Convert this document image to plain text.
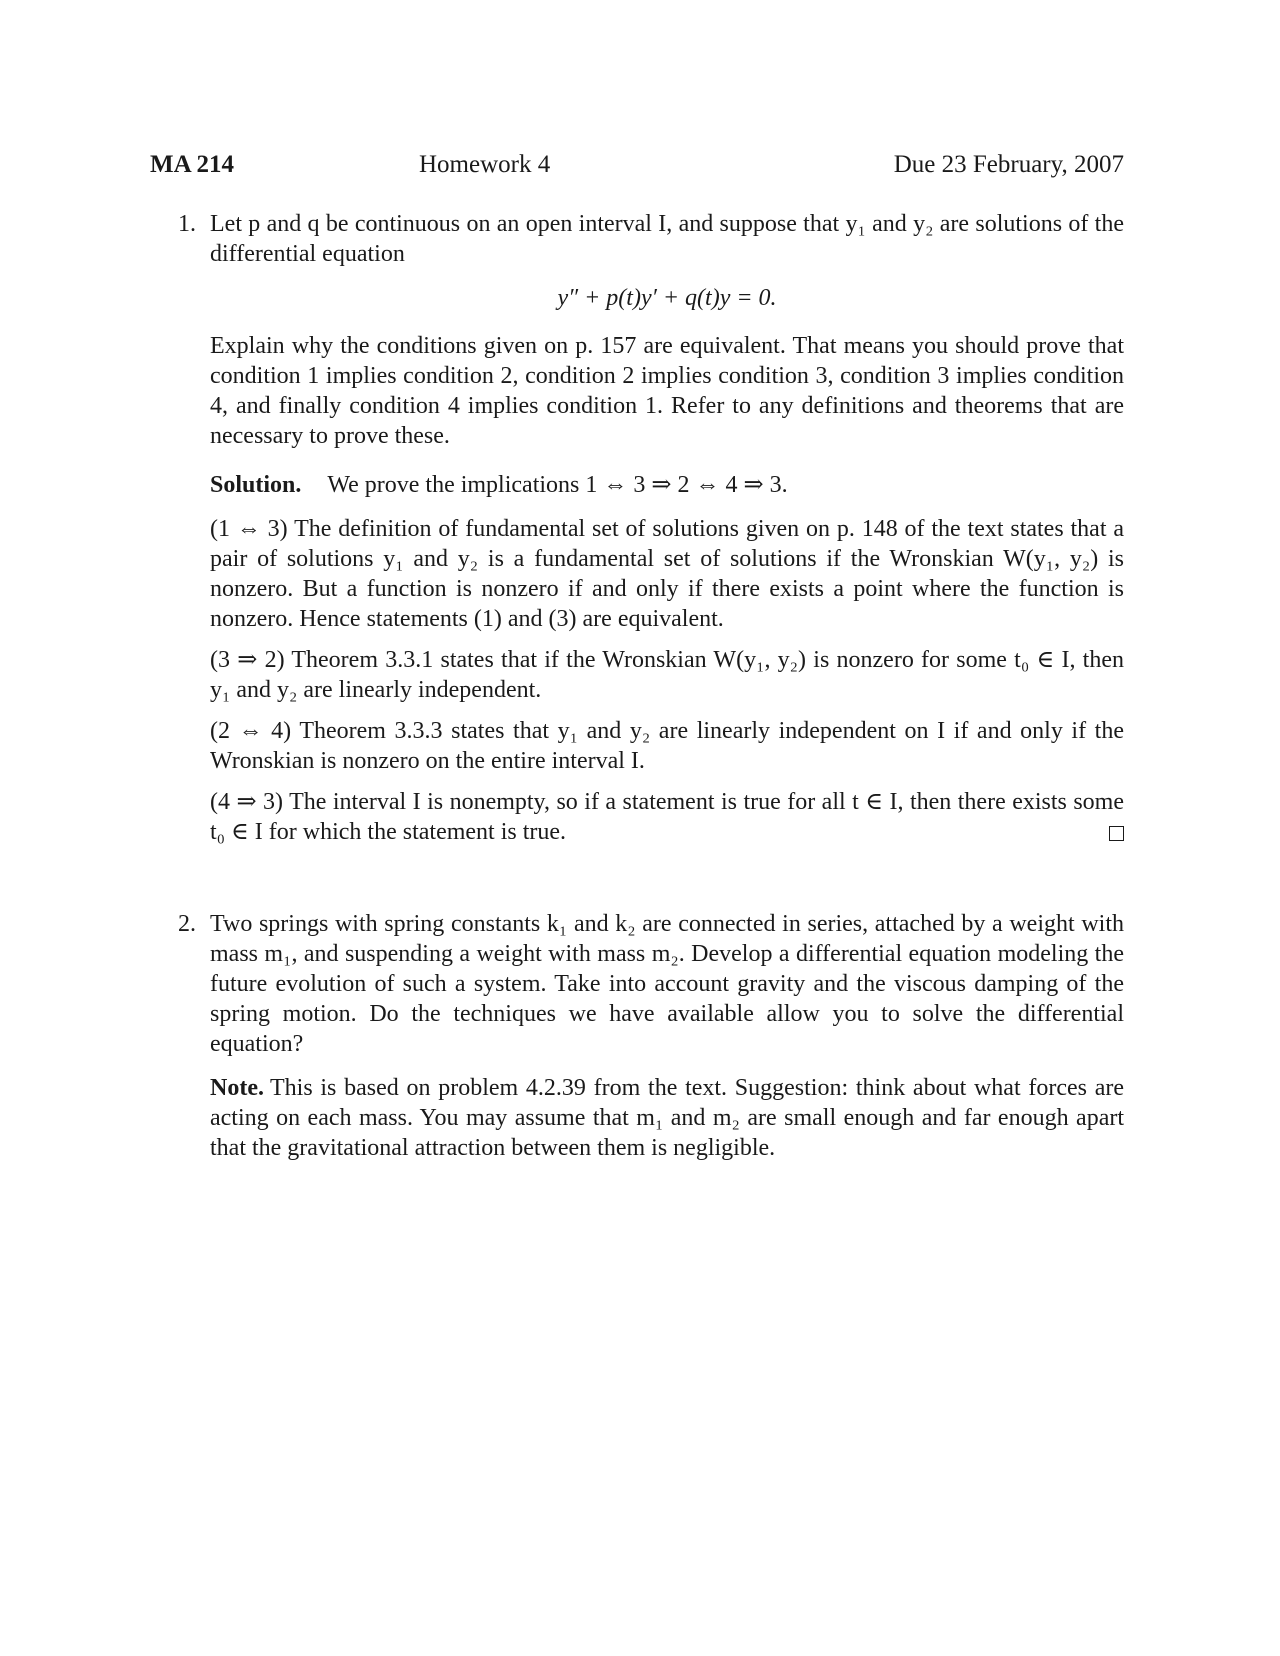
MA 214	Homework 4	Due 23 February, 2007
1. Let p and q be continuous on an open interval I, and suppose that y₁ and y₂ are solutions of the differential equation

y″ + p(t)y′ + q(t)y = 0.

Explain why the conditions given on p. 157 are equivalent. That means you should prove that condition 1 implies condition 2, condition 2 implies condition 3, condition 3 implies condition 4, and finally condition 4 implies condition 1. Refer to any definitions and theorems that are necessary to prove these.

Solution. We prove the implications 1 ⇔ 3 ⇒ 2 ⇔ 4 ⇒ 3.

(1 ⇔ 3) The definition of fundamental set of solutions given on p. 148 of the text states that a pair of solutions y₁ and y₂ is a fundamental set of solutions if the Wronskian W(y₁, y₂) is nonzero. But a function is nonzero if and only if there exists a point where the function is nonzero. Hence statements (1) and (3) are equivalent.

(3 ⇒ 2) Theorem 3.3.1 states that if the Wronskian W(y₁, y₂) is nonzero for some t₀ ∈ I, then y₁ and y₂ are linearly independent.

(2 ⇔ 4) Theorem 3.3.3 states that y₁ and y₂ are linearly independent on I if and only if the Wronskian is nonzero on the entire interval I.

(4 ⇒ 3) The interval I is nonempty, so if a statement is true for all t ∈ I, then there exists some t₀ ∈ I for which the statement is true.

2. Two springs with spring constants k₁ and k₂ are connected in series, attached by a weight with mass m₁, and suspending a weight with mass m₂. Develop a differential equation modeling the future evolution of such a system. Take into account gravity and the viscous damping of the spring motion. Do the techniques we have available allow you to solve the differential equation?

Note. This is based on problem 4.2.39 from the text. Suggestion: think about what forces are acting on each mass. You may assume that m₁ and m₂ are small enough and far enough apart that the gravitational attraction between them is negligible.
